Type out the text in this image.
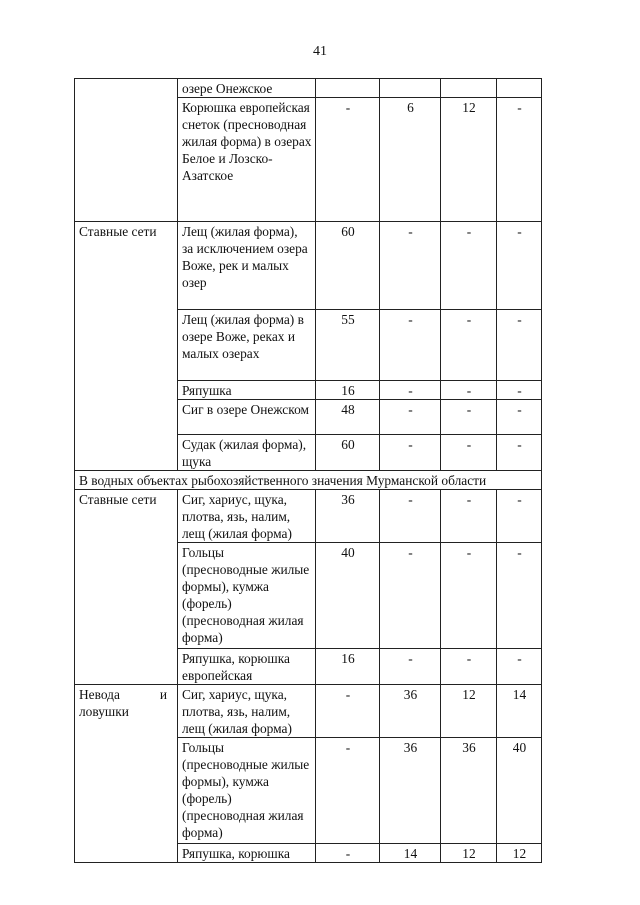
41
	озере Онежское				
	Корюшка европейская снеток (пресноводная жилая форма) в озерах Белое и Лозско-Азатское	-	6	12	-
Ставные сети	Лещ (жилая форма), за исключением озера Воже, рек и малых озер	60	-	-	-
	Лещ (жилая форма) в озере Воже, реках и малых озерах	55	-	-	-
	Ряпушка	16	-	-	-
	Сиг в озере Онежском	48	-	-	-
	Судак (жилая форма), щука	60	-	-	-
В водных объектах рыбохозяйственного значения Мурманской области					
Ставные сети	Сиг, хариус, щука, плотва, язь, налим, лещ (жилая форма)	36	-	-	-
	Гольцы (пресноводные жилые формы), кумжа (форель) (пресноводная жилая форма)	40	-	-	-
	Ряпушка, корюшка европейская	16	-	-	-

Невода и ловушки	Сиг, хариус, щука, плотва, язь, налим, лещ (жилая форма)	-	36	12	14
	Гольцы (пресноводные жилые формы), кумжа (форель) (пресноводная жилая форма)	-	36	36	40
	Ряпушка, корюшка	-	14	12	12
